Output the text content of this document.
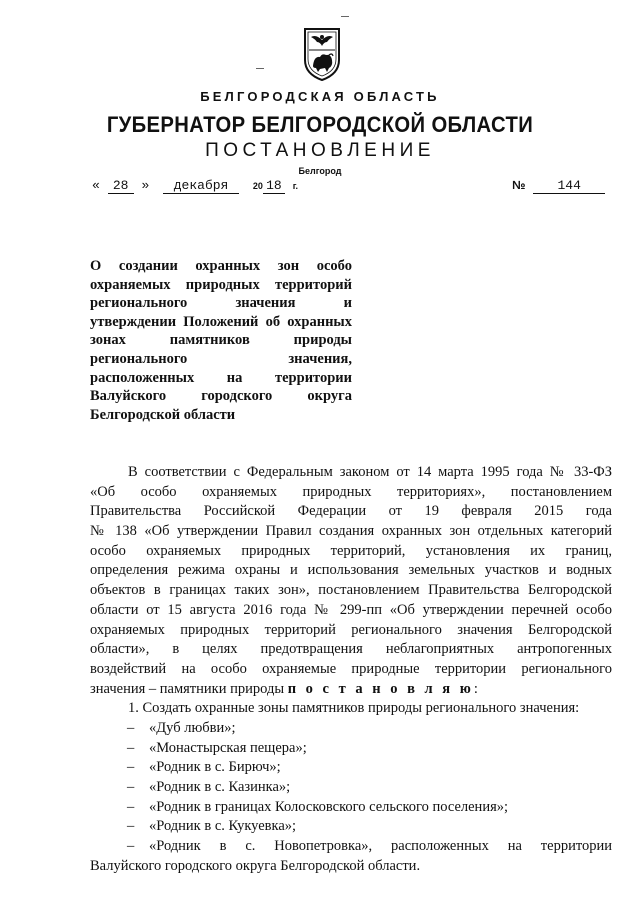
БЕЛГОРОДСКАЯ ОБЛАСТЬ
ГУБЕРНАТОР БЕЛГОРОДСКОЙ ОБЛАСТИ
ПОСТАНОВЛЕНИЕ
Белгород
« 28 » декабря	20 18 г.	№ 144
О создании охранных зон особо
охраняемых природных территорий
регионального значения и
утверждении Положений об охранных
зонах памятников природы
регионального значения,
расположенных на территории
Валуйского городского округа
Белгородской области
В соответствии с Федеральным законом от 14 марта 1995 года № 33-ФЗ
«Об особо охраняемых природных территориях», постановлением
Правительства Российской Федерации от 19 февраля 2015 года
№ 138 «Об утверждении Правил создания охранных зон отдельных категорий
особо охраняемых природных территорий, установления их границ,
определения режима охраны и использования земельных участков и водных
объектов в границах таких зон», постановлением Правительства Белгородской
области от 15 августа 2016 года № 299-пп «Об утверждении перечней особо
охраняемых природных территорий регионального значения Белгородской
области», в целях предотвращения неблагоприятных антропогенных
воздействий на особо охраняемые природные территории регионального
значения – памятники природы п о с т а н о в л я ю:
1. Создать охранные зоны памятников природы регионального значения:
– «Дуб любви»;
– «Монастырская пещера»;
– «Родник в с. Бирюч»;
– «Родник в с. Казинка»;
– «Родник в границах Колосковского сельского поселения»;
– «Родник в с. Кукуевка»;
– «Родник в с. Новопетровка», расположенных на территории
Валуйского городского округа Белгородской области.
